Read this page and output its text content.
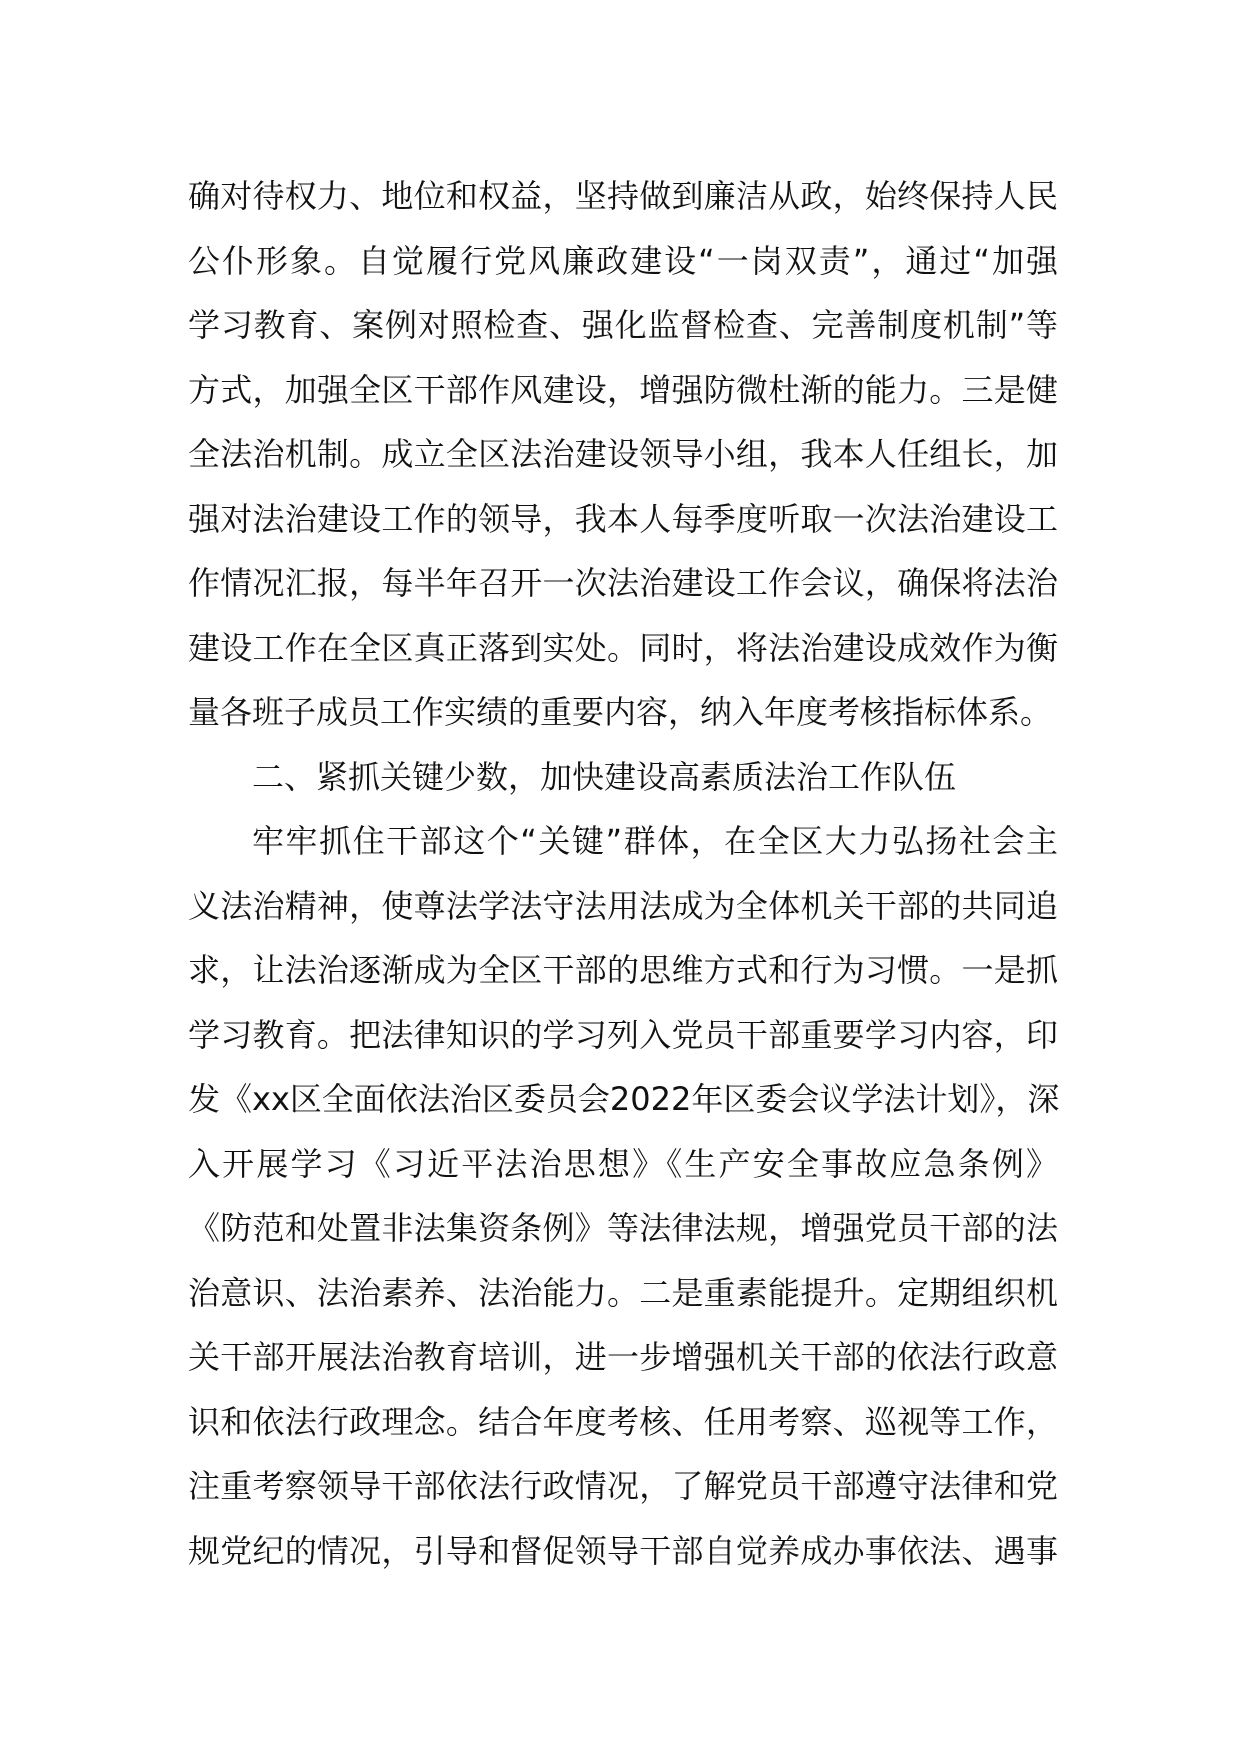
确对待权力、地位和权益，坚持做到廉洁从政，始终保持人民
公仆形象。自觉履行党风廉政建设“一岗双责”，通过“加强
学习教育、案例对照检查、强化监督检查、完善制度机制”等
方式，加强全区干部作风建设，增强防微杜渐的能力。三是健
全法治机制。成立全区法治建设领导小组，我本人任组长，加
强对法治建设工作的领导，我本人每季度听取一次法治建设工
作情况汇报，每半年召开一次法治建设工作会议，确保将法治
建设工作在全区真正落到实处。同时，将法治建设成效作为衡
量各班子成员工作实绩的重要内容，纳入年度考核指标体系。
二、紧抓关键少数，加快建设高素质法治工作队伍
牢牢抓住干部这个“关键”群体，在全区大力弘扬社会主
义法治精神，使尊法学法守法用法成为全体机关干部的共同追
求，让法治逐渐成为全区干部的思维方式和行为习惯。一是抓
学习教育。把法律知识的学习列入党员干部重要学习内容，印
发《xx区全面依法治区委员会2022年区委会议学法计划》，深
入开展学习《习近平法治思想》《生产安全事故应急条例》
《防范和处置非法集资条例》等法律法规，增强党员干部的法
治意识、法治素养、法治能力。二是重素能提升。定期组织机
关干部开展法治教育培训，进一步增强机关干部的依法行政意
识和依法行政理念。结合年度考核、任用考察、巡视等工作，
注重考察领导干部依法行政情况，了解党员干部遵守法律和党
规党纪的情况，引导和督促领导干部自觉养成办事依法、遇事
